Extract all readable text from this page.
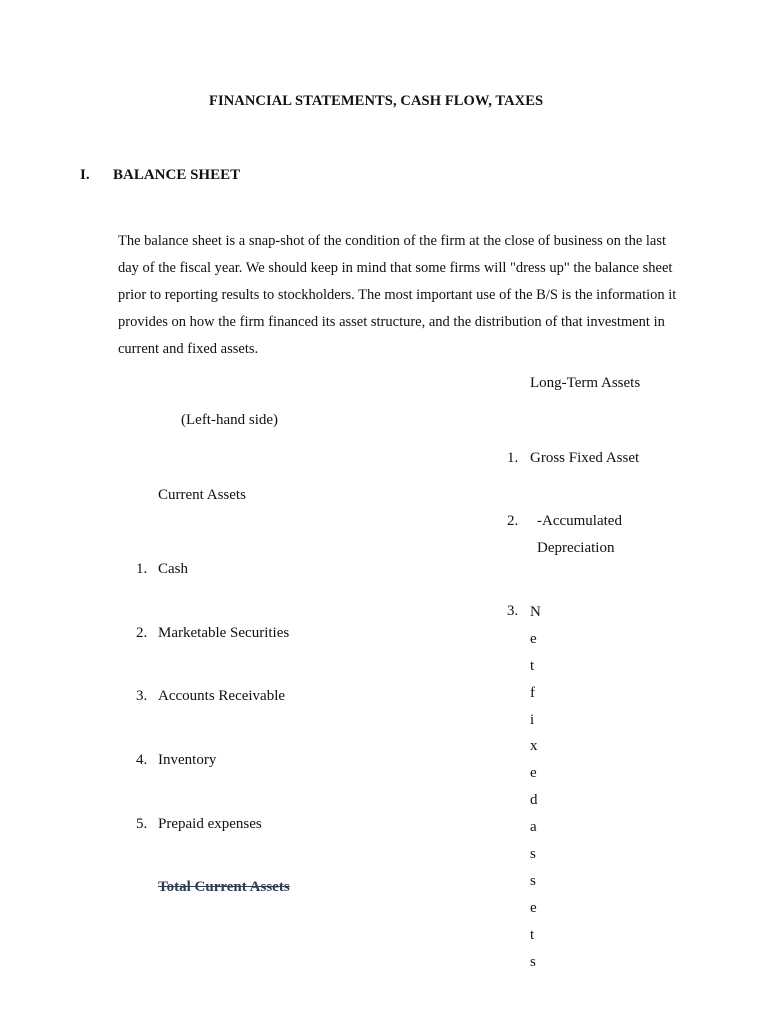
FINANCIAL STATEMENTS, CASH FLOW, TAXES
I. BALANCE SHEET
The balance sheet is a snap-shot of the condition of the firm at the close of business on the last day of the fiscal year. We should keep in mind that some firms will "dress up" the balance sheet prior to reporting results to stockholders. The most important use of the B/S is the information it provides on how the firm financed its asset structure, and the distribution of that investment in current and fixed assets.
Long-Term Assets
1. Gross Fixed Asset
2. -Accumulated
Depreciation
3. N
e
t
f
i
x
e
d
a
s
s
e
t
s
(Left-hand side)
Current Assets
1. Cash
2. Marketable Securities
3. Accounts Receivable
4. Inventory
5. Prepaid expenses
Total Current Assets
